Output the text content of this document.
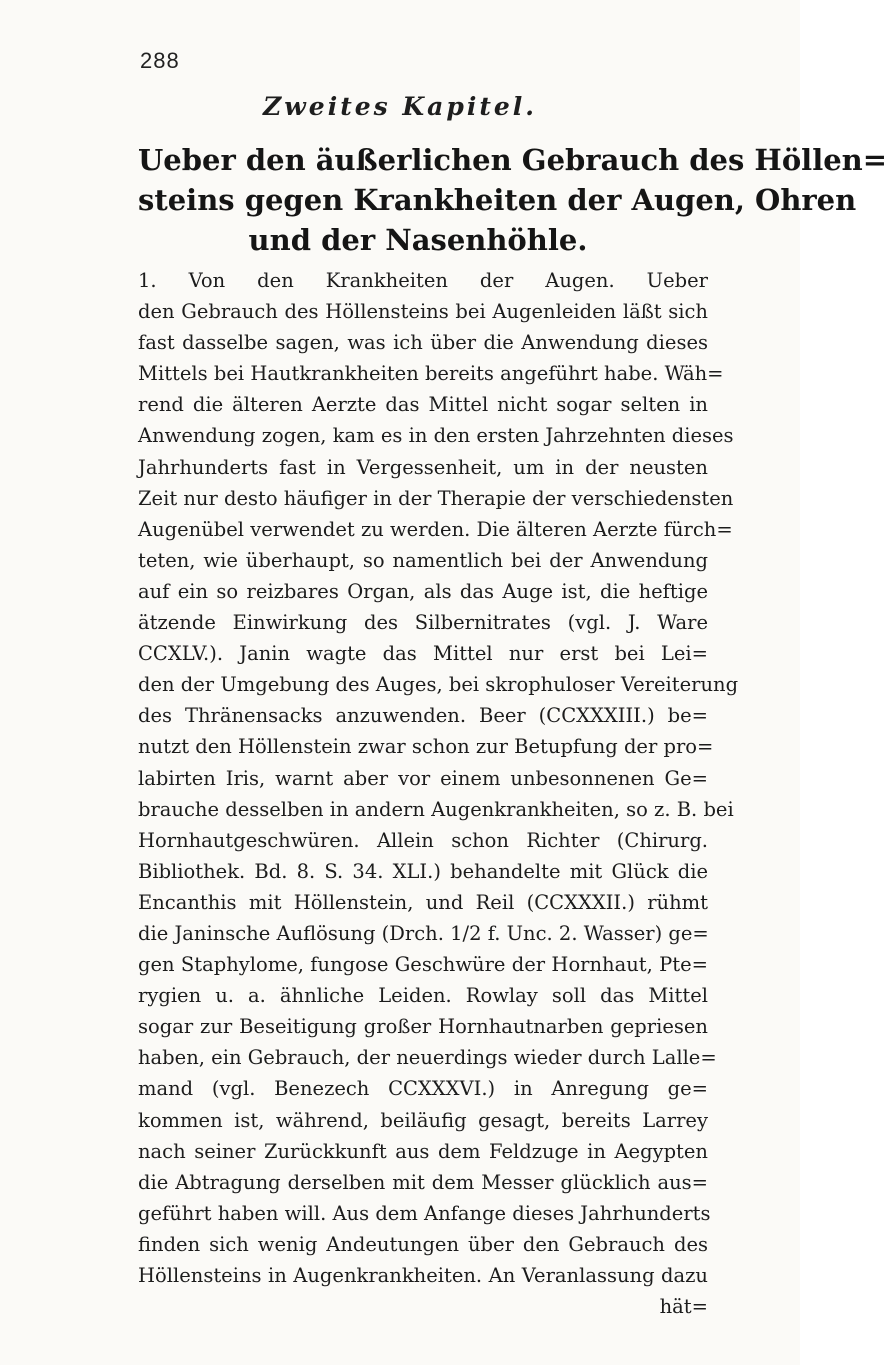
288
Zweites Kapitel.
Ueber den äußerlichen Gebrauch des Höllen=
steins gegen Krankheiten der Augen, Ohren
und der Nasenhöhle.
1. Von den Krankheiten der Augen. Ueber
den Gebrauch des Höllensteins bei Augenleiden läßt sich
fast dasselbe sagen, was ich über die Anwendung dieses
Mittels bei Hautkrankheiten bereits angeführt habe. Wäh=
rend die älteren Aerzte das Mittel nicht sogar selten in
Anwendung zogen, kam es in den ersten Jahrzehnten dieses
Jahrhunderts fast in Vergessenheit, um in der neusten
Zeit nur desto häufiger in der Therapie der verschiedensten
Augenübel verwendet zu werden. Die älteren Aerzte fürch=
teten, wie überhaupt, so namentlich bei der Anwendung
auf ein so reizbares Organ, als das Auge ist, die heftige
ätzende Einwirkung des Silbernitrates (vgl. J. Ware
CCXLV.). Janin wagte das Mittel nur erst bei Lei=
den der Umgebung des Auges, bei skrophuloser Vereiterung
des Thränensacks anzuwenden. Beer (CCXXXIII.) be=
nutzt den Höllenstein zwar schon zur Betupfung der pro=
labirten Iris, warnt aber vor einem unbesonnenen Ge=
brauche desselben in andern Augenkrankheiten, so z. B. bei
Hornhautgeschwüren. Allein schon Richter (Chirurg.
Bibliothek. Bd. 8. S. 34. XLI.) behandelte mit Glück die
Encanthis mit Höllenstein, und Reil (CCXXXII.) rühmt
die Janinsche Auflösung (Drch. 1/2 f. Unc. 2. Wasser) ge=
gen Staphylome, fungose Geschwüre der Hornhaut, Pte=
rygien u. a. ähnliche Leiden. Rowlay soll das Mittel
sogar zur Beseitigung großer Hornhautnarben gepriesen
haben, ein Gebrauch, der neuerdings wieder durch Lalle=
mand (vgl. Benezech CCXXXVI.) in Anregung ge=
kommen ist, während, beiläufig gesagt, bereits Larrey
nach seiner Zurückkunft aus dem Feldzuge in Aegypten
die Abtragung derselben mit dem Messer glücklich aus=
geführt haben will. Aus dem Anfange dieses Jahrhunderts
finden sich wenig Andeutungen über den Gebrauch des
Höllensteins in Augenkrankheiten. An Veranlassung dazu
hät=
